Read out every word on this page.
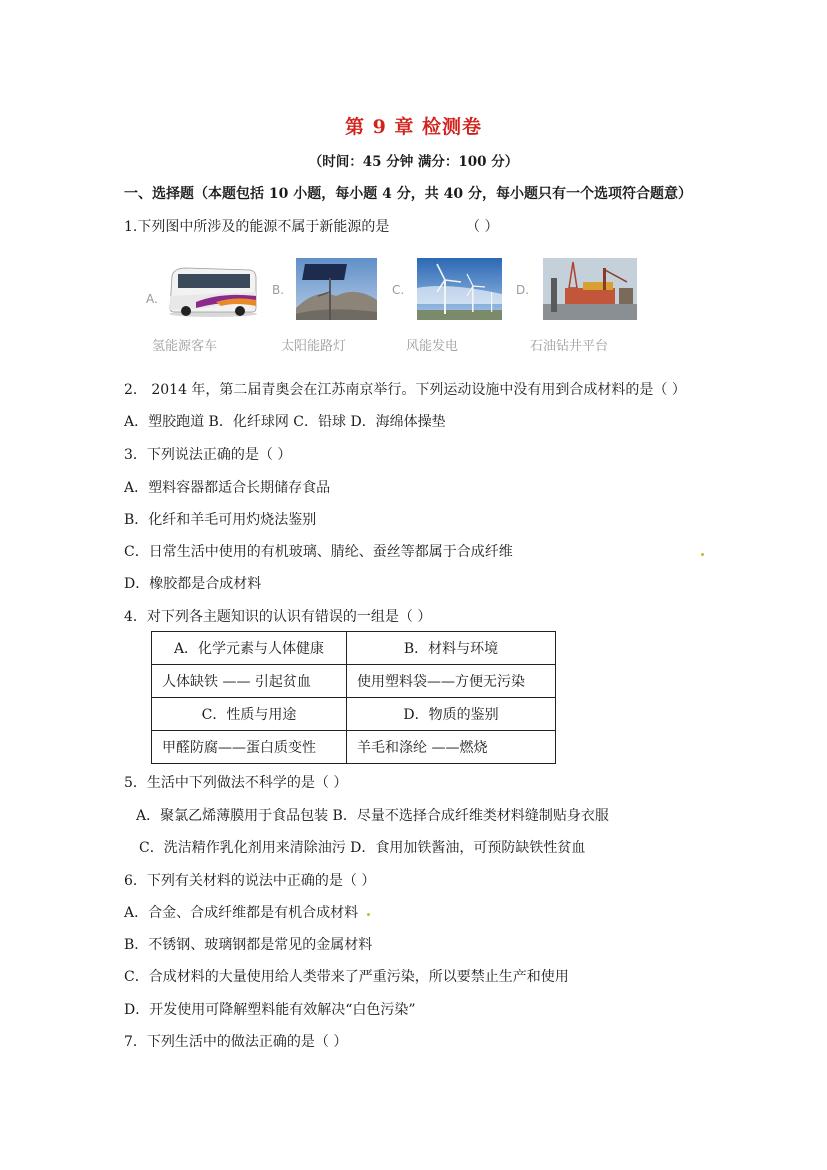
第 9 章 检测卷
（时间：45 分钟 满分：100 分）
一、选择题（本题包括 10 小题，每小题 4 分，共 40 分，每小题只有一个选项符合题意）
1.下列图中所涉及的能源不属于新能源的是	（ ）
A.
B.	C.	D.
氢能源客车	太阳能路灯	风能发电	石油钻井平台
2． 2014 年，第二届青奥会在江苏南京举行。下列运动设施中没有用到合成材料的是（ ）
A．塑胶跑道 B．化纤球网 C．铅球 D．海绵体操垫
3．下列说法正确的是（ ）
A．塑料容器都适合长期储存食品
B．化纤和羊毛可用灼烧法鉴别
C．日常生活中使用的有机玻璃、腈纶、蚕丝等都属于合成纤维
D．橡胶都是合成材料
4．对下列各主题知识的认识有错误的一组是（ ）
A．化学元素与人体健康	B．材料与环境
人体缺铁 —— 引起贫血	使用塑料袋——方便无污染
C．性质与用途	D．物质的鉴别
甲醛防腐——蛋白质变性	羊毛和涤纶 ——燃烧
5．生活中下列做法不科学的是（ ）
A．聚氯乙烯薄膜用于食品包装 B．尽量不选择合成纤维类材料缝制贴身衣服
C．洗洁精作乳化剂用来清除油污 D．食用加铁酱油，可预防缺铁性贫血
6．下列有关材料的说法中正确的是（ ）
A．合金、合成纤维都是有机合成材料
B．不锈钢、玻璃钢都是常见的金属材料
C．合成材料的大量使用给人类带来了严重污染，所以要禁止生产和使用
D．开发使用可降解塑料能有效解决“白色污染”
7．下列生活中的做法正确的是（ ）
